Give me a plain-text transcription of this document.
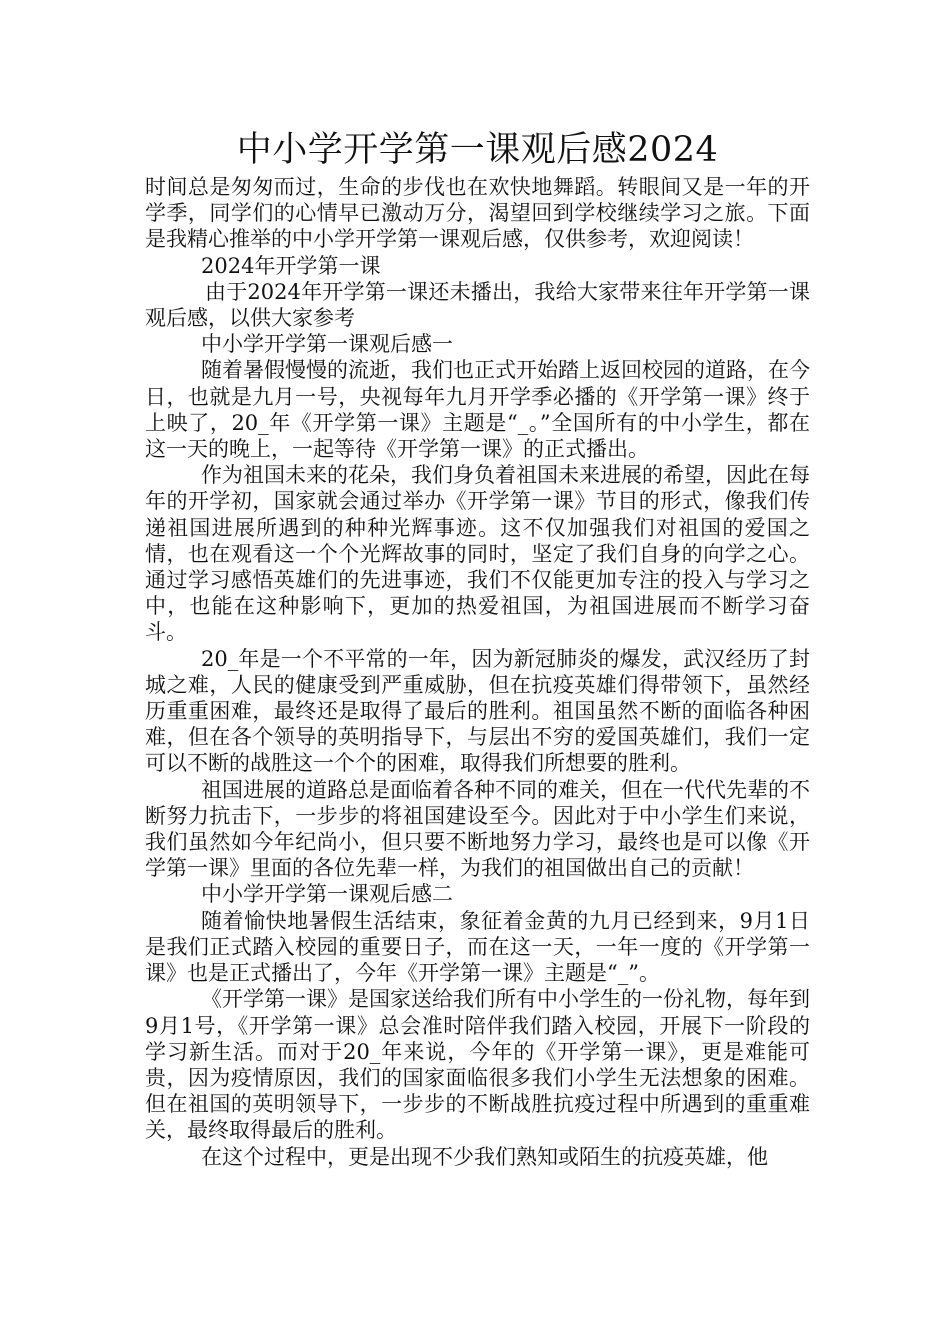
中小学开学第一课观后感2024

时间总是匆匆而过，生命的步伐也在欢快地舞蹈。转眼间又是一年的开学季，同学们的心情早已激动万分，渴望回到学校继续学习之旅。下面是我精心推举的中小学开学第一课观后感，仅供参考，欢迎阅读！

2024年开学第一课

由于2024年开学第一课还未播出，我给大家带来往年开学第一课观后感，以供大家参考

中小学开学第一课观后感一

随着暑假慢慢的流逝，我们也正式开始踏上返回校园的道路，在今日，也就是九月一号，央视每年九月开学季必播的《开学第一课》终于上映了，20_年《开学第一课》主题是“_。”全国所有的中小学生，都在这一天的晚上，一起等待《开学第一课》的正式播出。

作为祖国未来的花朵，我们身负着祖国未来进展的希望，因此在每年的开学初，国家就会通过举办《开学第一课》节目的形式，像我们传递祖国进展所遇到的种种光辉事迹。这不仅加强我们对祖国的爱国之情，也在观看这一个个光辉故事的同时，坚定了我们自身的向学之心。通过学习感悟英雄们的先进事迹，我们不仅能更加专注的投入与学习之中，也能在这种影响下，更加的热爱祖国，为祖国进展而不断学习奋斗。

20_年是一个不平常的一年，因为新冠肺炎的爆发，武汉经历了封城之难，人民的健康受到严重威胁，但在抗疫英雄们得带领下，虽然经历重重困难，最终还是取得了最后的胜利。祖国虽然不断的面临各种困难，但在各个领导的英明指导下，与层出不穷的爱国英雄们，我们一定可以不断的战胜这一个个的困难，取得我们所想要的胜利。

祖国进展的道路总是面临着各种不同的难关，但在一代代先辈的不断努力抗击下，一步步的将祖国建设至今。因此对于中小学生们来说，我们虽然如今年纪尚小，但只要不断地努力学习，最终也是可以像《开学第一课》里面的各位先辈一样，为我们的祖国做出自己的贡献！

中小学开学第一课观后感二

随着愉快地暑假生活结束，象征着金黄的九月已经到来，9月1日是我们正式踏入校园的重要日子，而在这一天，一年一度的《开学第一课》也是正式播出了，今年《开学第一课》主题是“_”。

《开学第一课》是国家送给我们所有中小学生的一份礼物，每年到9月1号，《开学第一课》总会准时陪伴我们踏入校园，开展下一阶段的学习新生活。而对于20_年来说，今年的《开学第一课》，更是难能可贵，因为疫情原因，我们的国家面临很多我们小学生无法想象的困难。但在祖国的英明领导下，一步步的不断战胜抗疫过程中所遇到的重重难关，最终取得最后的胜利。

在这个过程中，更是出现不少我们熟知或陌生的抗疫英雄，他
